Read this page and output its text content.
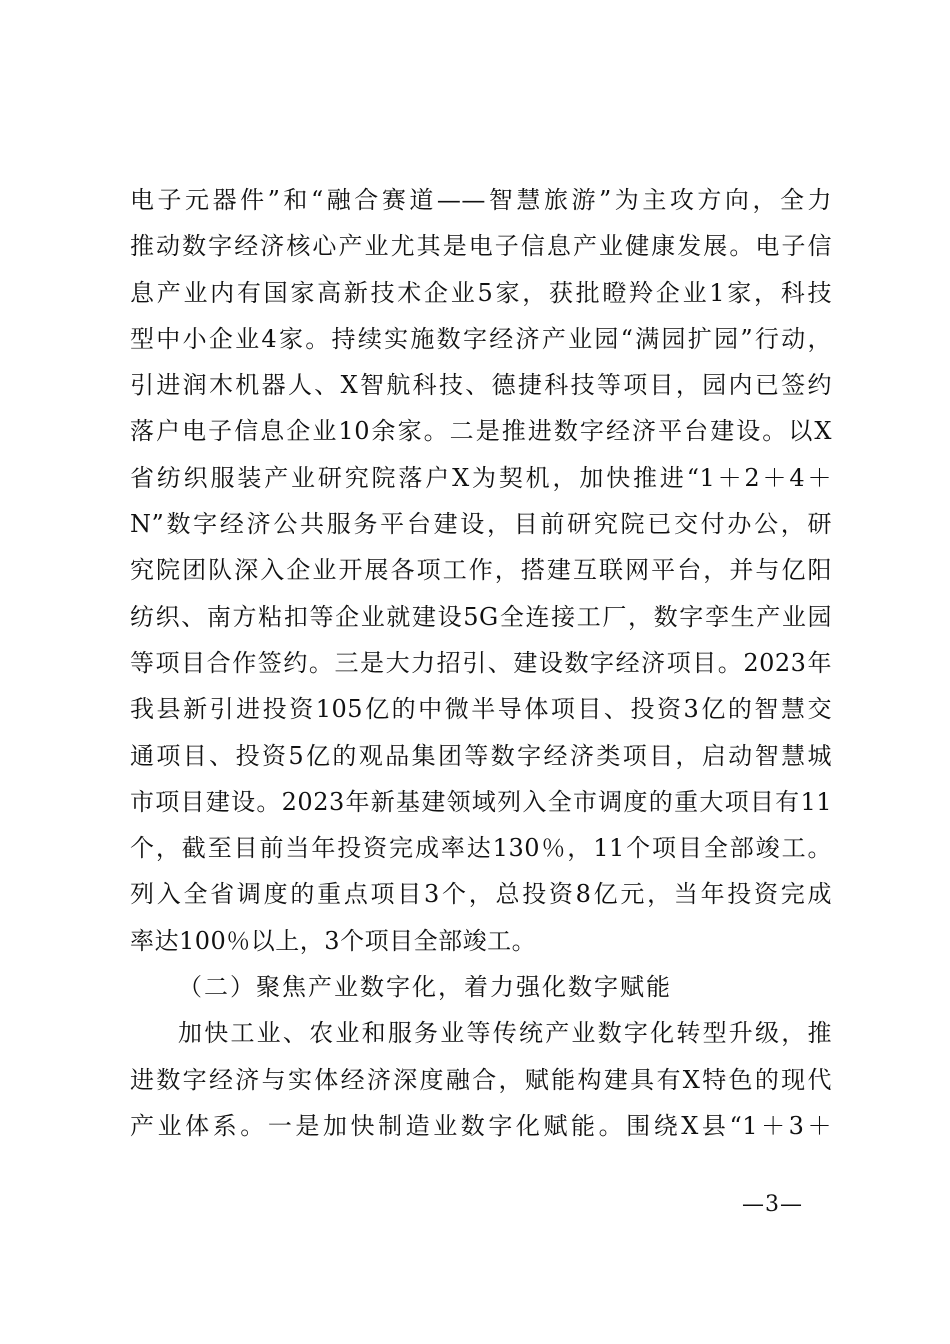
电子元器件”和“融合赛道——智慧旅游”为主攻方向，全力
推动数字经济核心产业尤其是电子信息产业健康发展。电子信
息产业内有国家高新技术企业5家，获批瞪羚企业1家，科技
型中小企业4家。持续实施数字经济产业园“满园扩园”行动，
引进润木机器人、X智航科技、德捷科技等项目，园内已签约
落户电子信息企业10余家。二是推进数字经济平台建设。以X
省纺织服装产业研究院落户X为契机，加快推进“1＋2＋4＋
N”数字经济公共服务平台建设，目前研究院已交付办公，研
究院团队深入企业开展各项工作，搭建互联网平台，并与亿阳
纺织、南方粘扣等企业就建设5G全连接工厂，数字孪生产业园
等项目合作签约。三是大力招引、建设数字经济项目。2023年
我县新引进投资105亿的中微半导体项目、投资3亿的智慧交
通项目、投资5亿的观品集团等数字经济类项目，启动智慧城
市项目建设。2023年新基建领域列入全市调度的重大项目有11
个，截至目前当年投资完成率达130％，11个项目全部竣工。
列入全省调度的重点项目3个，总投资8亿元，当年投资完成
率达100％以上，3个项目全部竣工。
（二）聚焦产业数字化，着力强化数字赋能
加快工业、农业和服务业等传统产业数字化转型升级，推
进数字经济与实体经济深度融合，赋能构建具有X特色的现代
产业体系。一是加快制造业数字化赋能。围绕X县“1＋3＋
—3—
